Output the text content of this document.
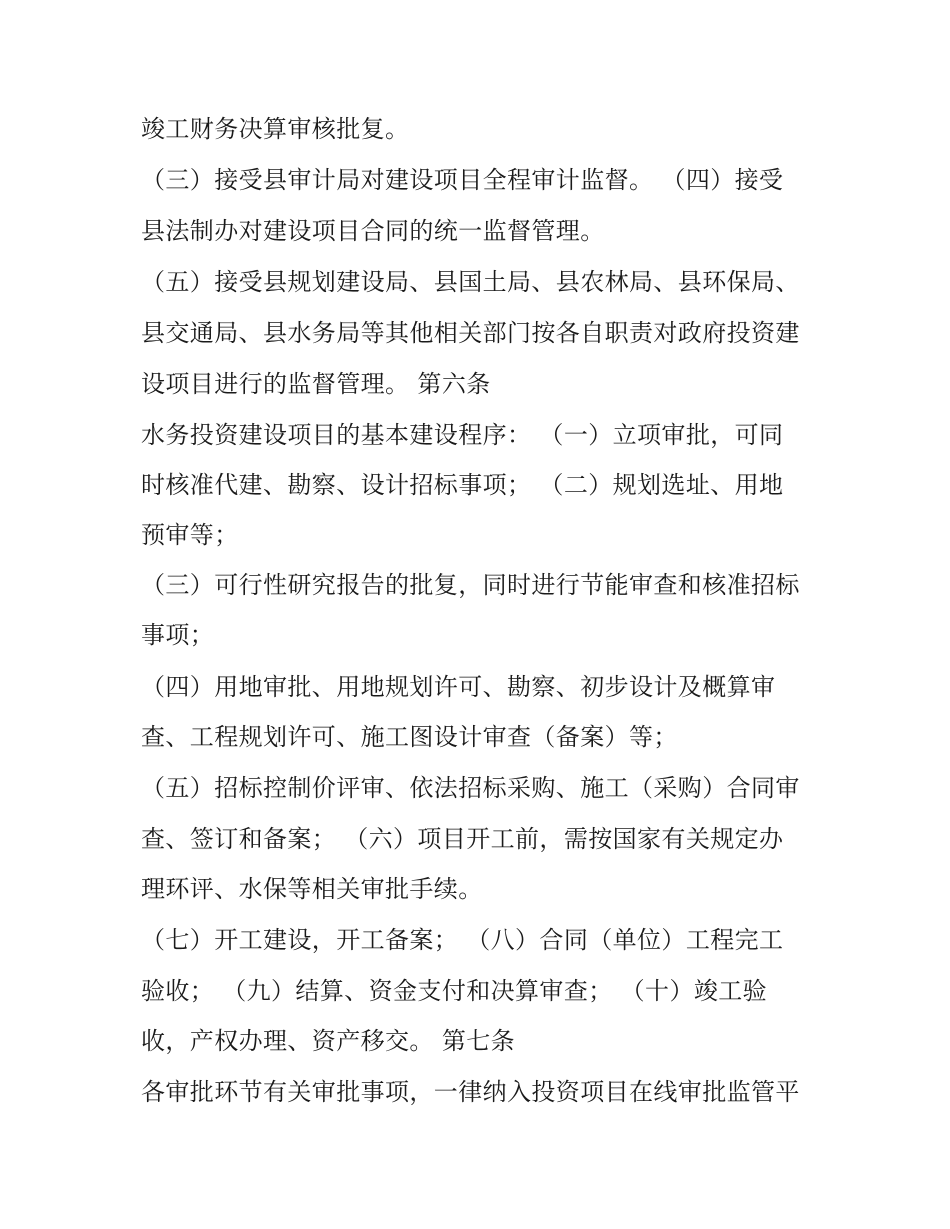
竣工财务决算审核批复。
（三）接受县审计局对建设项目全程审计监督。 （四）接受
县法制办对建设项目合同的统一监督管理。
（五）接受县规划建设局、县国土局、县农林局、县环保局、
县交通局、县水务局等其他相关部门按各自职责对政府投资建
设项目进行的监督管理。 第六条
水务投资建设项目的基本建设程序： （一）立项审批，可同
时核准代建、勘察、设计招标事项； （二）规划选址、用地
预审等；
（三）可行性研究报告的批复，同时进行节能审查和核准招标
事项；
（四）用地审批、用地规划许可、勘察、初步设计及概算审
查、工程规划许可、施工图设计审查（备案）等；
（五）招标控制价评审、依法招标采购、施工（采购）合同审
查、签订和备案； （六）项目开工前，需按国家有关规定办
理环评、水保等相关审批手续。
（七）开工建设，开工备案； （八）合同（单位）工程完工
验收； （九）结算、资金支付和决算审查； （十）竣工验
收，产权办理、资产移交。 第七条
各审批环节有关审批事项，一律纳入投资项目在线审批监管平
